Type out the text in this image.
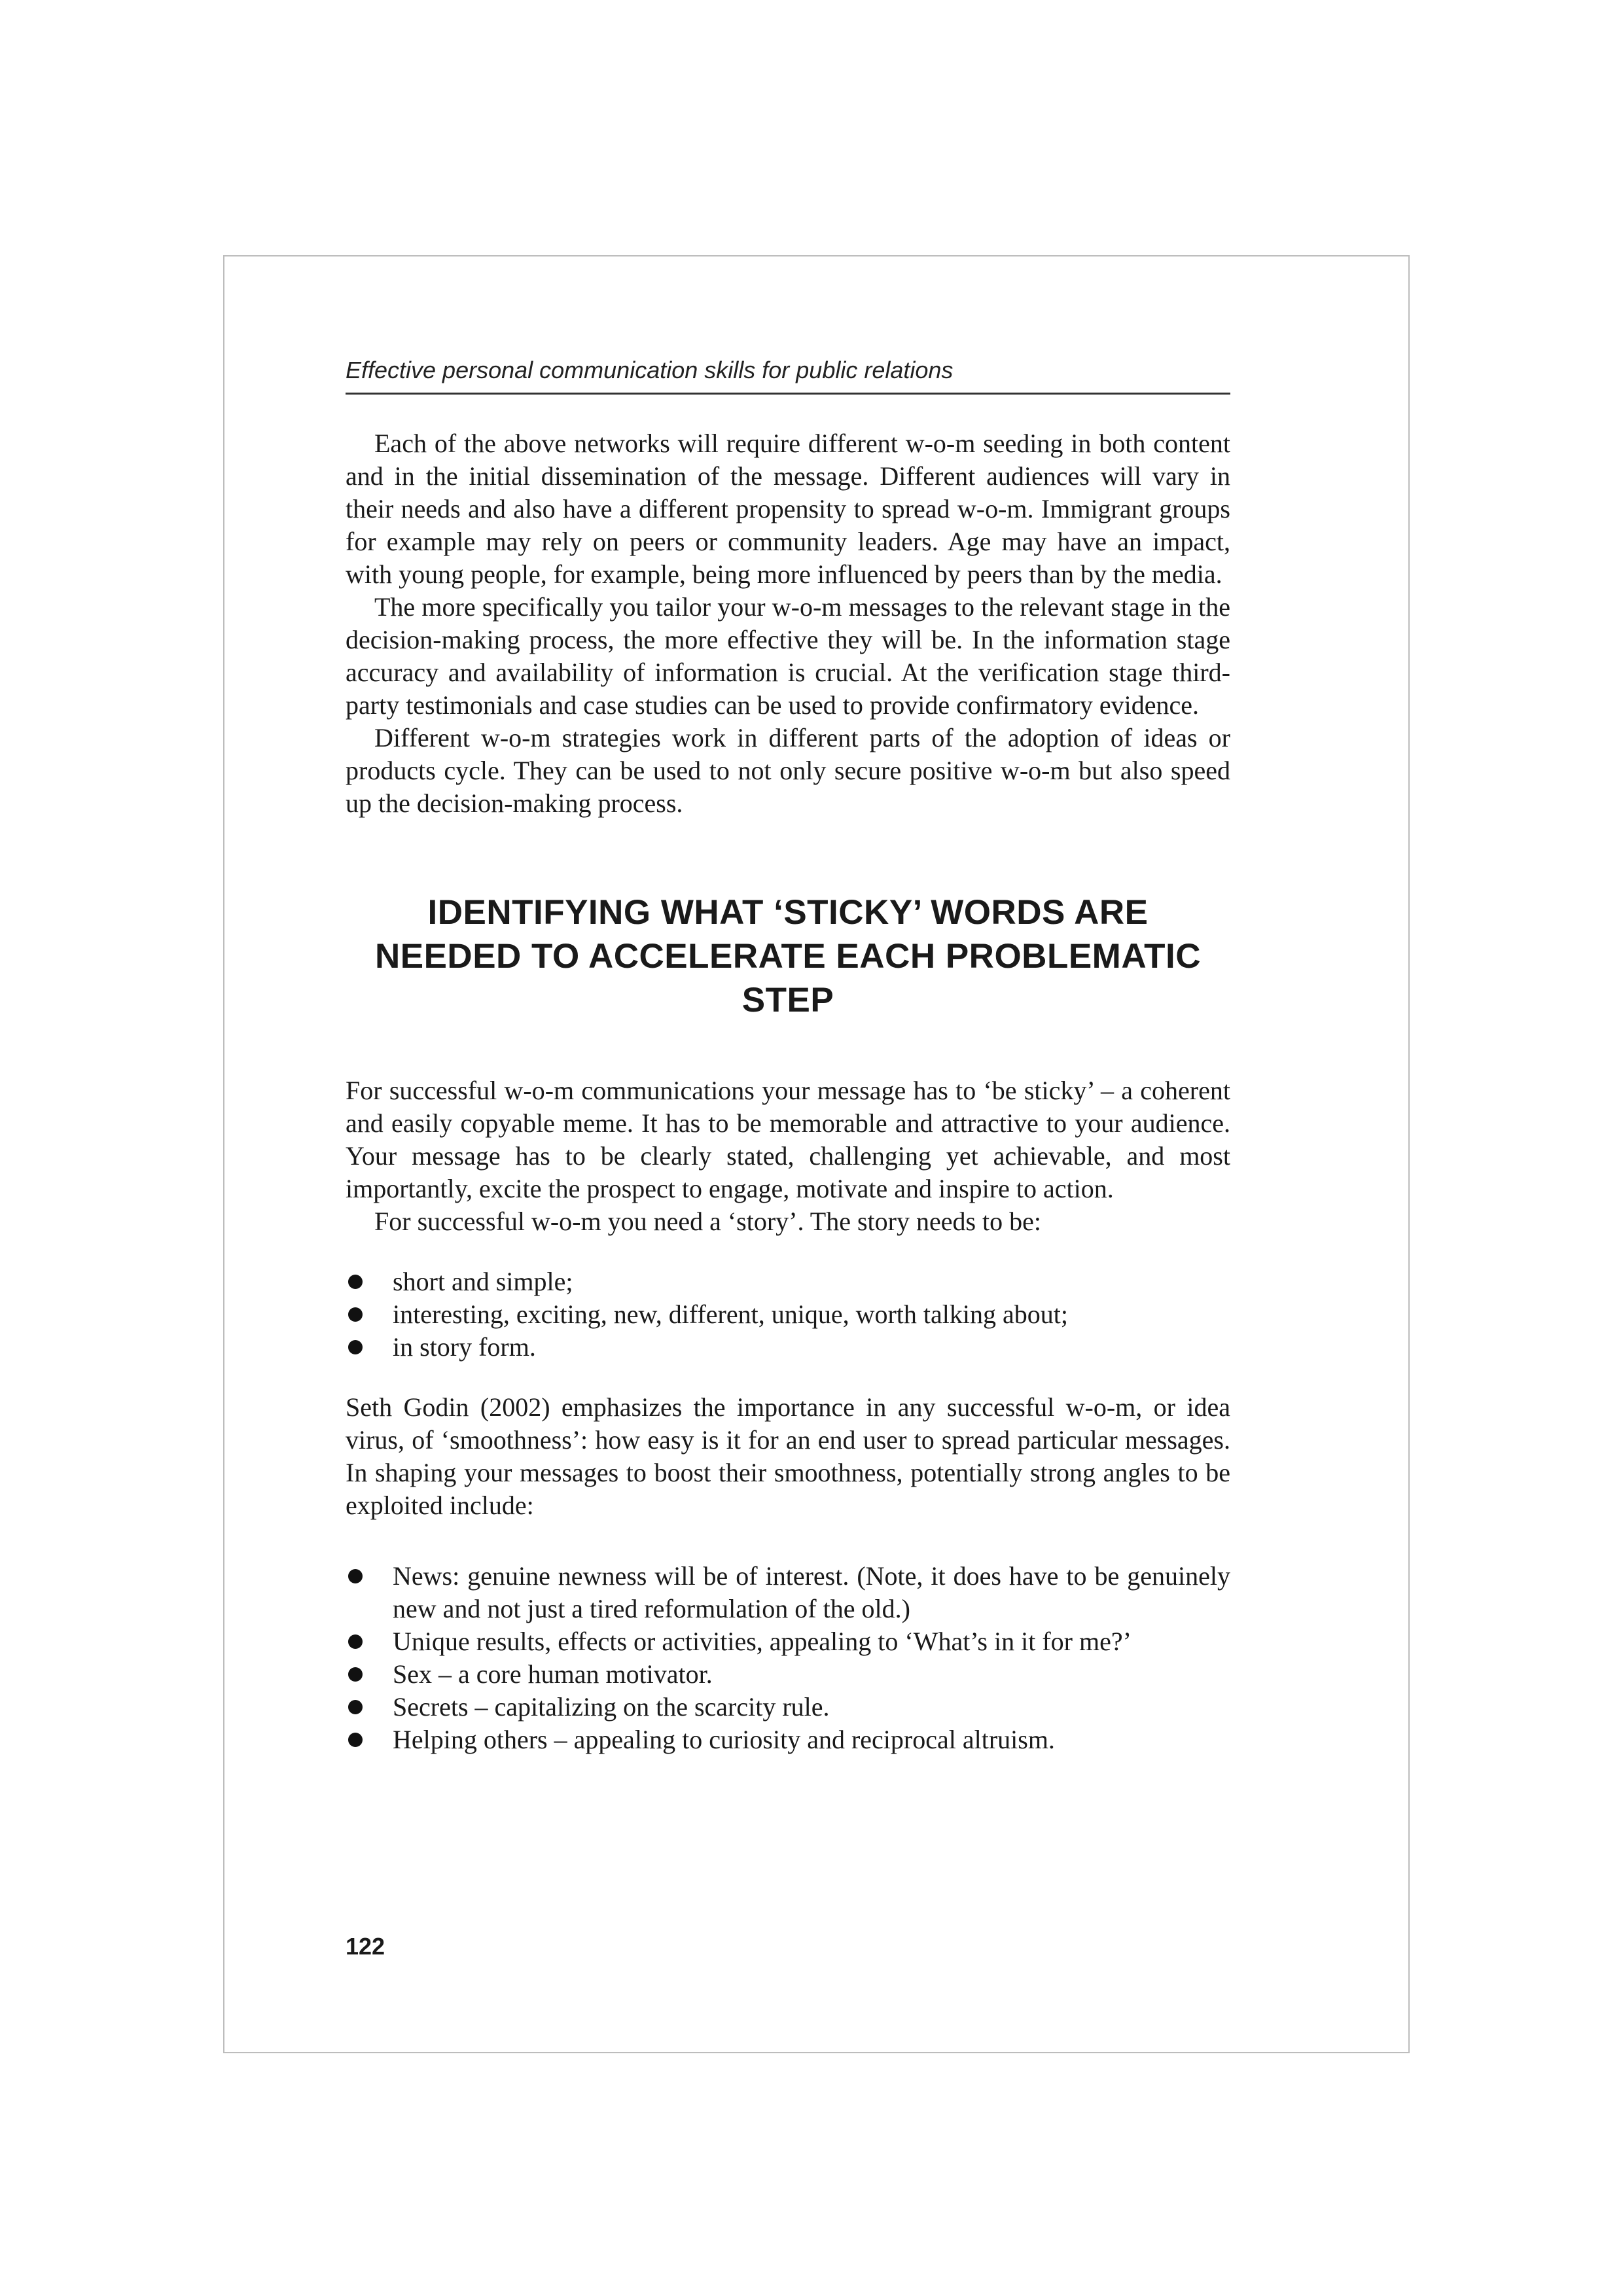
Effective personal communication skills for public relations

Each of the above networks will require different w-o-m seeding in both content and in the initial dissemination of the message. Different audiences will vary in their needs and also have a different propensity to spread w-o-m. Immigrant groups for example may rely on peers or community leaders. Age may have an impact, with young people, for example, being more influenced by peers than by the media.

The more specifically you tailor your w-o-m messages to the relevant stage in the decision-making process, the more effective they will be. In the information stage accuracy and availability of information is crucial. At the verification stage third-party testimonials and case studies can be used to provide confirmatory evidence.

Different w-o-m strategies work in different parts of the adoption of ideas or products cycle. They can be used to not only secure positive w-o-m but also speed up the decision-making process.

IDENTIFYING WHAT ‘STICKY’ WORDS ARE NEEDED TO ACCELERATE EACH PROBLEMATIC STEP

For successful w-o-m communications your message has to ‘be sticky’ – a coherent and easily copyable meme. It has to be memorable and attractive to your audience. Your message has to be clearly stated, challenging yet achievable, and most importantly, excite the prospect to engage, motivate and inspire to action.

For successful w-o-m you need a ‘story’. The story needs to be:

short and simple;
interesting, exciting, new, different, unique, worth talking about;
in story form.

Seth Godin (2002) emphasizes the importance in any successful w-o-m, or idea virus, of ‘smoothness’: how easy is it for an end user to spread particular messages. In shaping your messages to boost their smoothness, potentially strong angles to be exploited include:

News: genuine newness will be of interest. (Note, it does have to be genuinely new and not just a tired reformulation of the old.)
Unique results, effects or activities, appealing to ‘What’s in it for me?’
Sex – a core human motivator.
Secrets – capitalizing on the scarcity rule.
Helping others – appealing to curiosity and reciprocal altruism.
122
